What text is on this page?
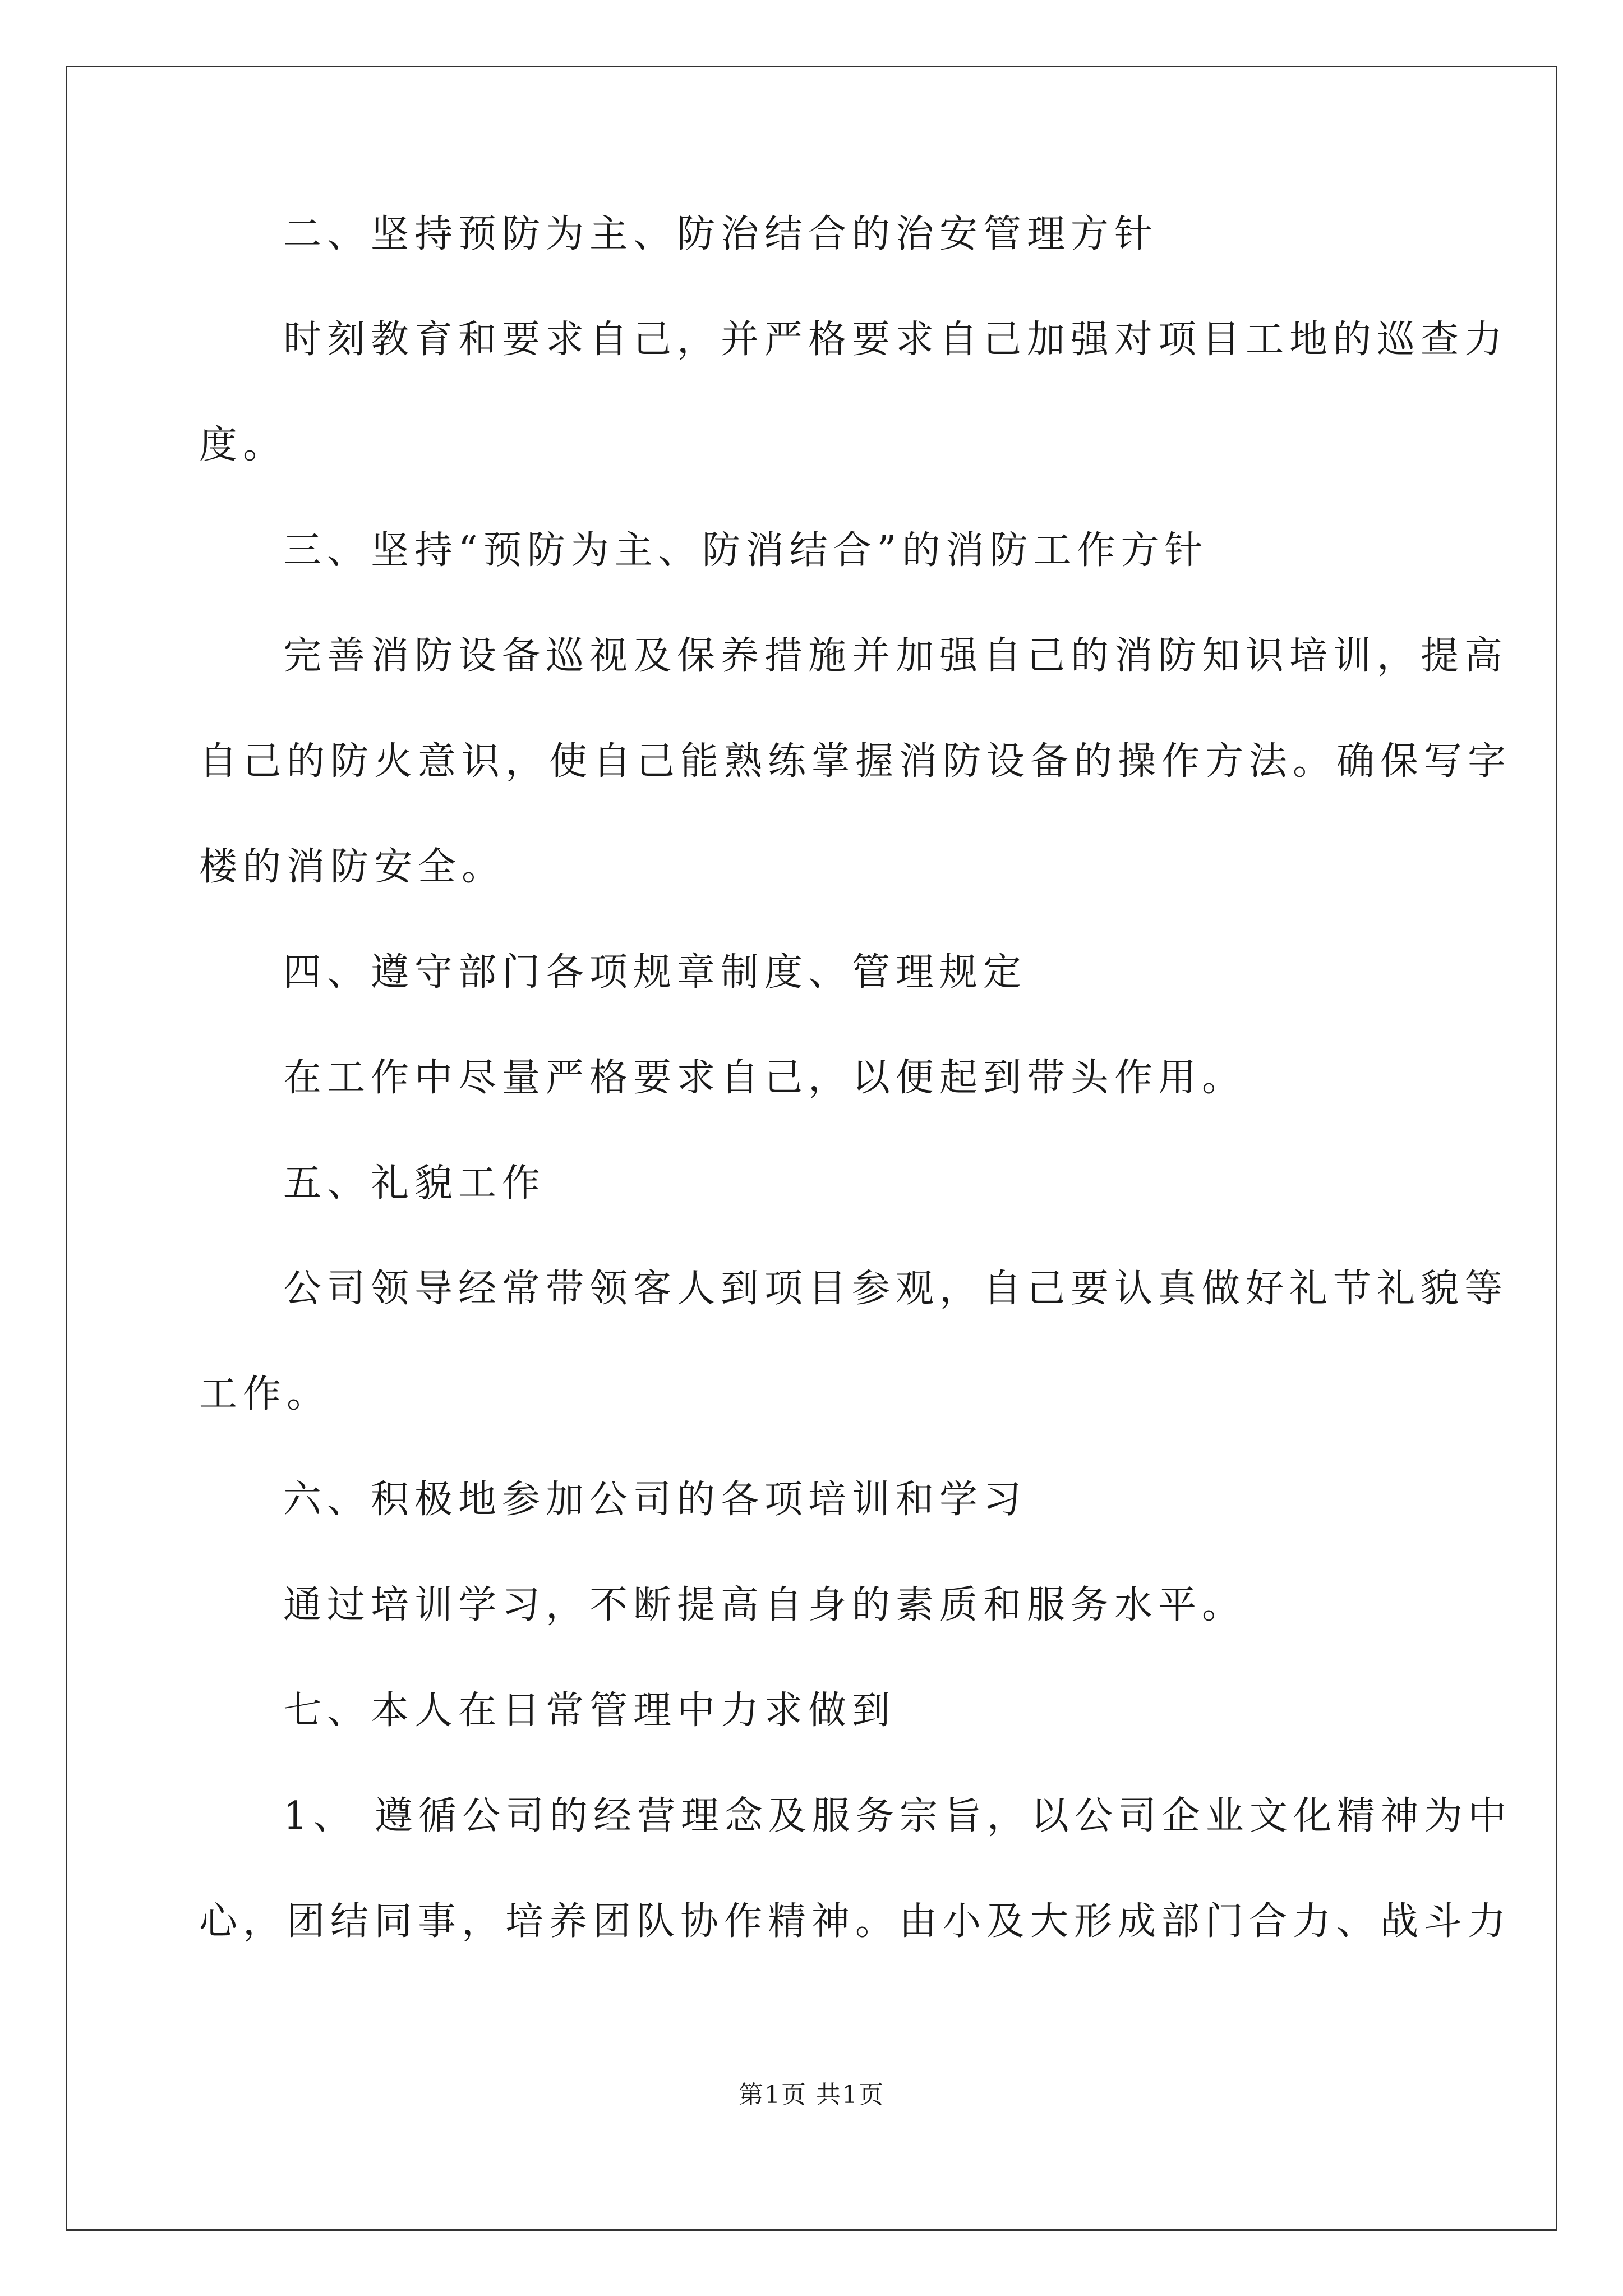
二、坚持预防为主、防治结合的治安管理方针

时刻教育和要求自己，并严格要求自己加强对项目工地的巡查力

度。

三、坚持“预防为主、防消结合”的消防工作方针

完善消防设备巡视及保养措施并加强自己的消防知识培训，提高

自己的防火意识，使自己能熟练掌握消防设备的操作方法。确保写字

楼的消防安全。

四、遵守部门各项规章制度、管理规定

在工作中尽量严格要求自己，以便起到带头作用。

五、礼貌工作

公司领导经常带领客人到项目参观，自己要认真做好礼节礼貌等

工作。

六、积极地参加公司的各项培训和学习

通过培训学习，不断提高自身的素质和服务水平。

七、本人在日常管理中力求做到

1、 遵循公司的经营理念及服务宗旨，以公司企业文化精神为中

心，团结同事，培养团队协作精神。由小及大形成部门合力、战斗力

第1页 共1页
